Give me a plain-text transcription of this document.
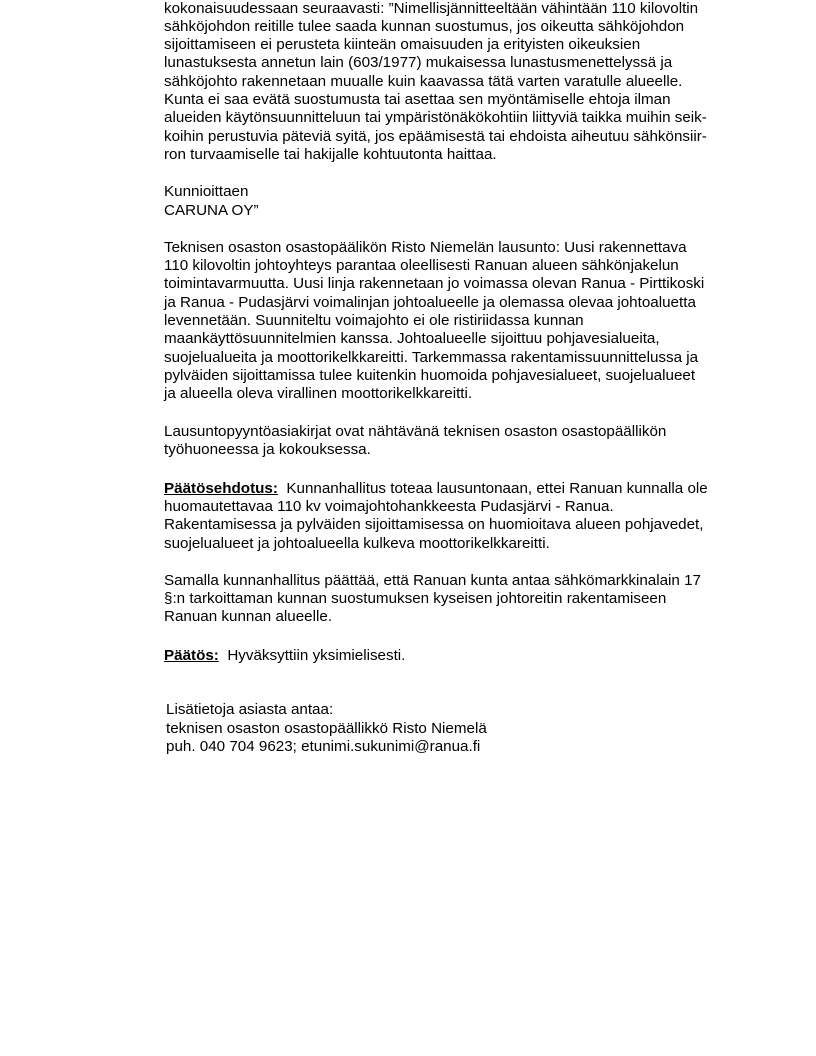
kokonaisuudessaan seuraavasti: ”Nimellisjännitteeltään vähintään 110 kilovoltin
sähköjohdon reitille tulee saada kunnan suostumus, jos oikeutta sähköjohdon
sijoittamiseen ei perusteta kiinteän omaisuuden ja erityisten oikeuksien
lunastuksesta annetun lain (603/1977) mukaisessa lunastusmenettelyssä ja
sähköjohto rakennetaan muualle kuin kaavassa tätä varten varatulle alueelle.
Kunta ei saa evätä suostumusta tai asettaa sen myöntämiselle ehtoja ilman
alueiden käytönsuunnitteluun tai ympäristönäkökohtiin liittyviä taikka muihin seik-
koihin perustuvia päteviä syitä, jos epäämisestä tai ehdoista aiheutuu sähkönsiir-
ron turvaamiselle tai hakijalle kohtuutonta haittaa.
Kunnioittaen
CARUNA OY”
Teknisen osaston osastopäälikön Risto Niemelän lausunto: Uusi rakennettava
110 kilovoltin johtoyhteys parantaa oleellisesti Ranuan alueen sähkönjakelun
toimintavarmuutta. Uusi linja rakennetaan jo voimassa olevan Ranua - Pirttikoski
ja Ranua - Pudasjärvi voimalinjan johtoalueelle ja olemassa olevaa johtoaluetta
levennetään. Suunniteltu voimajohto ei ole ristiriidassa kunnan
maankäyttösuunnitelmien kanssa. Johtoalueelle sijoittuu pohjavesialueita,
suojelualueita ja moottorikelkkareitti. Tarkemmassa rakentamissuunnittelussa ja
pylväiden sijoittamissa tulee kuitenkin huomoida pohjavesialueet, suojelualueet
ja alueella oleva virallinen moottorikelkkareitti.
Lausuntopyyntöasiakirjat ovat nähtävänä teknisen osaston osastopäällikön
työhuoneessa ja kokouksessa.
Päätösehdotus: Kunnanhallitus toteaa lausuntonaan, ettei Ranuan kunnalla ole
huomautettavaa 110 kv voimajohtohankkeesta Pudasjärvi - Ranua.
Rakentamisessa ja pylväiden sijoittamisessa on huomioitava alueen pohjavedet,
suojelualueet ja johtoalueella kulkeva moottorikelkkareitti.
Samalla kunnanhallitus päättää, että Ranuan kunta antaa sähkömarkkinalain 17
§:n tarkoittaman kunnan suostumuksen kyseisen johtoreitin rakentamiseen
Ranuan kunnan alueelle.
Päätös: Hyväksyttiin yksimielisesti.
Lisätietoja asiasta antaa:
teknisen osaston osastopäällikkö Risto Niemelä
puh. 040 704 9623; etunimi.sukunimi@ranua.fi
